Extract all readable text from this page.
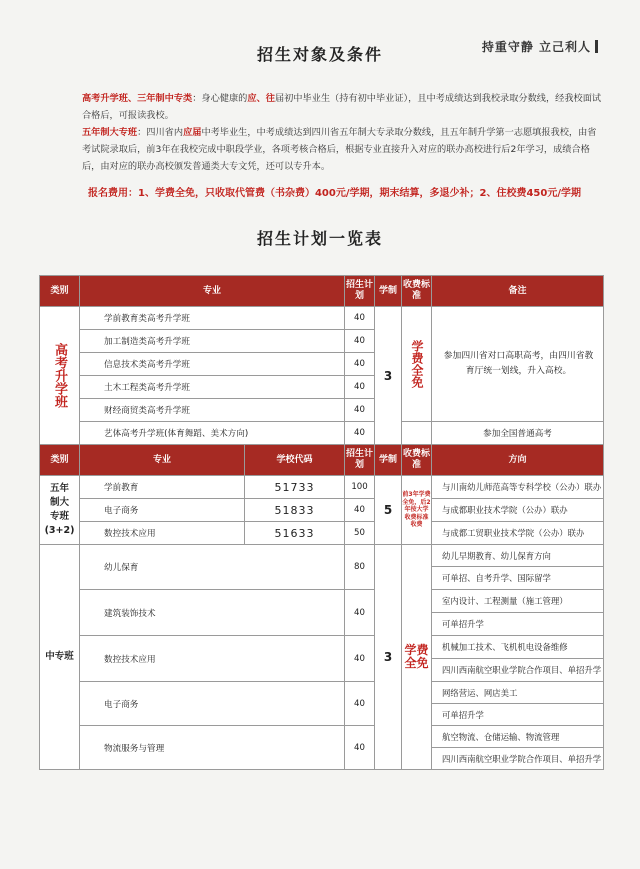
持重守静 立己利人
招生对象及条件

高考升学班、三年制中专类：身心健康的应、往届初中毕业生（持有初中毕业证），且中考成绩达到我校录取分数线，经我校面试合格后，可报读我校。

五年制大专班：四川省内应届中考毕业生，中考成绩达到四川省五年制大专录取分数线，且五年制升学第一志愿填报我校，由省考试院录取后，前3年在我校完成中职段学业，各项考核合格后，根据专业直接升入对应的联办高校进行后2年学习，成绩合格后，由对应的联办高校颁发普通类大专文凭，还可以专升本。

报名费用：1、学费全免，只收取代管费（书杂费）400元/学期，期末结算，多退少补；2、住校费450元/学期
招生计划一览表
类别	专业		招生计划	学制	收费标准	备注

高考升学班	学前教育类高考升学班		40	3	学费全免	参加四川省对口高职高考，由四川省教育厅统一划线，升入高校。
	加工制造类高考升学班		40			
	信息技术类高考升学班		40			
	土木工程类高考升学班		40			
	财经商贸类高考升学班		40			
	艺体高考升学班(体育舞蹈、美术方向)		40			参加全国普通高考
类别	专业	学校代码	招生计划	学制	收费标准	方向

五年
制大
专班
(3+2)	学前教育	51733	100	5	前3年学费全免，后2年按大学收费标准收费	与川南幼儿师范高等专科学校（公办）联办
	电子商务	51833	40			与成都职业技术学院（公办）联办
	数控技术应用	51633	50			与成都工贸职业技术学院（公办）联办
中专班	幼儿保育		80	3	学费全免	幼儿早期教育、幼儿保育方向
						可单招、自考升学、国际留学
	建筑装饰技术		40			室内设计、工程测量（施工管理）
						可单招升学
	数控技术应用		40			机械加工技术、飞机机电设备维修
						四川西南航空职业学院合作项目、单招升学
	电子商务		40			网络营运、网店美工
						可单招升学
	物流服务与管理		40			航空物流、仓储运输、物流管理
						四川西南航空职业学院合作项目、单招升学
